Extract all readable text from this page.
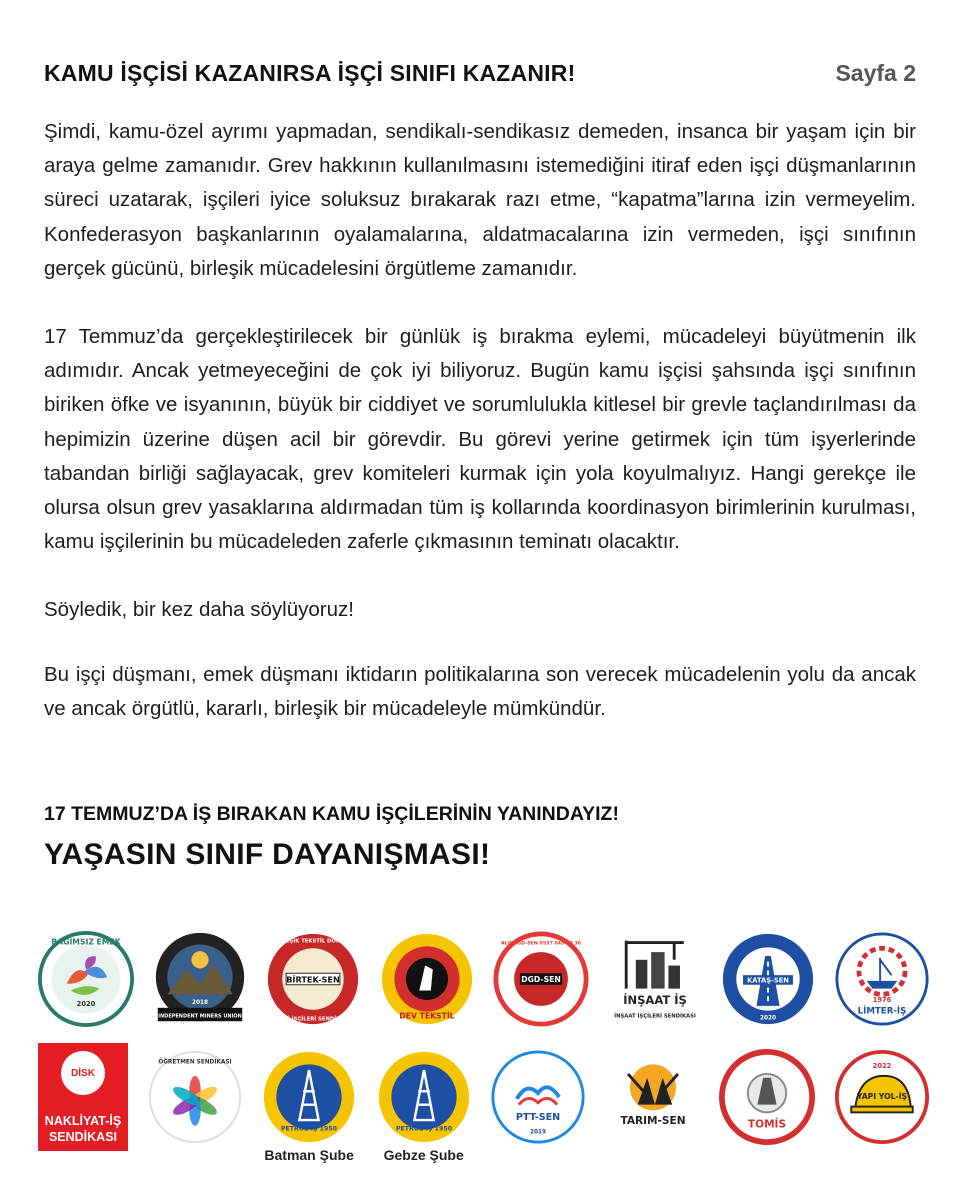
KAMU İŞÇİSİ KAZANIRSA İŞÇİ SINIFI KAZANIR!	Sayfa 2

Şimdi, kamu-özel ayrımı yapmadan, sendikalı-sendikasız demeden, insanca bir yaşam için bir araya gelme zamanıdır. Grev hakkının kullanılmasını istemediğini itiraf eden işçi düşmanlarının süreci uzatarak, işçileri iyice soluksuz bırakarak razı etme, “kapatma”larına izin vermeyelim. Konfederasyon başkanlarının oyalamalarına, aldatmacalarına izin vermeden, işçi sınıfının gerçek gücünü, birleşik mücadelesini örgütleme zamanıdır.

17 Temmuz’da gerçekleştirilecek bir günlük iş bırakma eylemi, mücadeleyi büyütmenin ilk adımıdır. Ancak yetmeyeceğini de çok iyi biliyoruz. Bugün kamu işçisi şahsında işçi sınıfının biriken öfke ve isyanının, büyük bir ciddiyet ve sorumlulukla kitlesel bir grevle taçlandırılması da hepimizin üzerine düşen acil bir görevdir. Bu görevi yerine getirmek için tüm işyerlerinde tabandan birliği sağlayacak, grev komiteleri kurmak için yola koyulmalıyız. Hangi gerekçe ile olursa olsun grev yasaklarına aldırmadan tüm iş kollarında koordinasyon birimlerinin kurulması, kamu işçilerinin bu mücadeleden zaferle çıkmasının teminatı olacaktır.

Söyledik, bir kez daha söylüyoruz!

Bu işçi düşmanı, emek düşmanı iktidarın politikalarına son verecek mücadelenin yolu da ancak ve ancak örgütlü, kararlı, birleşik bir mücadeleyle mümkündür.

17 TEMMUZ’DA İŞ BIRAKAN KAMU İŞÇİLERİNİN YANINDAYIZ!
YAŞASIN SINIF DAYANIŞMASI!
2020
BAĞIMSIZ EMEK
INDEPENDENT MINERS UNION
2018
BİRTEK-SEN
BİRLEŞİK TEKSTİL DOKUMA
DERİ İŞÇİLERİ SENDİKASI	DEV TEKSTİL
DGD-SEN
ALO DGD-SEN 0537 045 50 36
İNŞAAT İŞ
İNŞAAT İŞÇİLERİ SENDİKASI
KATAŞ-SEN
2020
1976
LİMTER-İŞ
DİSK
NAKLİYAT-İŞ SENDİKASI
ÖĞRETMEN SENDİKASI
PETROL-İŞ 1950
Batman Şube
PETROL-İŞ 1950
Gebze Şube
PTT-SEN
2019
TARIM-SEN	TOMİS
2022
YAPI YOL-İŞ
